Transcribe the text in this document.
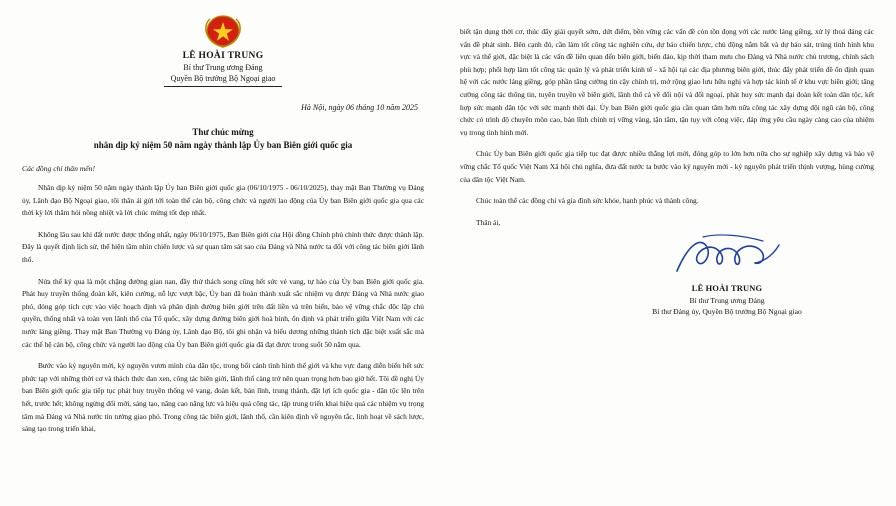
LÊ HOÀI TRUNG
Bí thư Trung ương Đảng
Quyền Bộ trưởng Bộ Ngoại giao
Hà Nội, ngày 06 tháng 10 năm 2025
Thư chúc mừng
nhân dịp kỷ niệm 50 năm ngày thành lập Ủy ban Biên giới quốc gia
Các đồng chí thân mến!

Nhân dịp kỷ niệm 50 năm ngày thành lập Ủy ban Biên giới quốc gia (06/10/1975 - 06/10/2025), thay mặt Ban Thường vụ Đảng ủy, Lãnh đạo Bộ Ngoại giao, tôi thân ái gửi tới toàn thể cán bộ, công chức và người lao động của Ủy ban Biên giới quốc gia qua các thời kỳ lời thăm hỏi nồng nhiệt và lời chúc mừng tốt đẹp nhất.

Không lâu sau khi đất nước được thống nhất, ngày 06/10/1975, Ban Biên giới của Hội đồng Chính phủ chính thức được thành lập. Đây là quyết định lịch sử, thể hiện tầm nhìn chiến lược và sự quan tâm sát sao của Đảng và Nhà nước ta đối với công tác biên giới lãnh thổ.

Nửa thế kỷ qua là một chặng đường gian nan, đầy thử thách song cũng hết sức vẻ vang, tự hào của Ủy ban Biên giới quốc gia. Phát huy truyền thống đoàn kết, kiên cường, nỗ lực vượt bậc, Ủy ban đã hoàn thành xuất sắc nhiệm vụ được Đảng và Nhà nước giao phó, đóng góp tích cực vào việc hoạch định và phân định đường biên giới trên đất liền và trên biển, bảo vệ vững chắc độc lập chủ quyền, thống nhất và toàn vẹn lãnh thổ của Tổ quốc, xây dựng đường biên giới hoà bình, ổn định và phát triển giữa Việt Nam với các nước láng giềng. Thay mặt Ban Thường vụ Đảng ủy, Lãnh đạo Bộ, tôi ghi nhận và biểu dương những thành tích đặc biệt xuất sắc mà các thế hệ cán bộ, công chức và người lao động của Ủy ban Biên giới quốc gia đã đạt được trong suốt 50 năm qua.

Bước vào kỷ nguyên mới, kỷ nguyên vươn mình của dân tộc, trong bối cảnh tình hình thế giới và khu vực đang diễn biến hết sức phức tạp với những thời cơ và thách thức đan xen, công tác biên giới, lãnh thổ càng trở nên quan trọng hơn bao giờ hết. Tôi đề nghị Ủy ban Biên giới quốc gia tiếp tục phát huy truyền thống vẻ vang, đoàn kết, bản lĩnh, trung thành, đặt lợi ích quốc gia - dân tộc lên trên hết, trước hết; không ngừng đổi mới, sáng tạo, nâng cao năng lực và hiệu quả công tác, tập trung triển khai hiệu quả các nhiệm vụ trọng tâm mà Đảng và Nhà nước tin tưởng giao phó. Trong công tác biên giới, lãnh thổ, cần kiên định về nguyên tắc, linh hoạt về sách lược, sáng tạo trong triển khai,

biết tận dụng thời cơ, thúc đẩy giải quyết sớm, dứt điểm, bền vững các vấn đề còn tồn đọng với các nước láng giềng, xử lý thoả đáng các vấn đề phát sinh. Bên cạnh đó, cần làm tốt công tác nghiên cứu, dự báo chiến lược, chủ động nắm bắt và dự báo sát, trúng tình hình khu vực và thế giới, đặc biệt là các vấn đề liên quan đến biên giới, biển đảo, kịp thời tham mưu cho Đảng và Nhà nước chủ trương, chính sách phù hợp; phối hợp làm tốt công tác quản lý và phát triển kinh tế - xã hội tại các địa phương biên giới, thúc đẩy phát triển đề ổn định quan hệ với các nước láng giềng, góp phần tăng cường tin cậy chính trị, mở rộng giao lưu hữu nghị và hợp tác kinh tế ở khu vực biên giới; tăng cường công tác thông tin, tuyên truyền về biên giới, lãnh thổ cả về đối nội và đối ngoại, phát huy sức mạnh đại đoàn kết toàn dân tộc, kết hợp sức mạnh dân tộc với sức mạnh thời đại. Ủy ban Biên giới quốc gia cần quan tâm hơn nữa công tác xây dựng đội ngũ cán bộ, công chức có trình độ chuyên môn cao, bản lĩnh chính trị vững vàng, tận tâm, tận tụy với công việc, đáp ứng yêu cầu ngày càng cao của nhiệm vụ trong tình hình mới.

Chúc Ủy ban Biên giới quốc gia tiếp tục đạt được nhiều thắng lợi mới, đóng góp to lớn hơn nữa cho sự nghiệp xây dựng và bảo vệ vững chắc Tổ quốc Việt Nam Xã hội chủ nghĩa, đưa đất nước ta bước vào kỷ nguyên mới - kỷ nguyên phát triển thịnh vượng, hùng cường của dân tộc Việt Nam.

Chúc toàn thể các đồng chí và gia đình sức khỏe, hạnh phúc và thành công.

Thân ái,
LÊ HOÀI TRUNG
Bí thư Trung ương Đảng
Bí thư Đảng ủy, Quyền Bộ trưởng Bộ Ngoại giao
